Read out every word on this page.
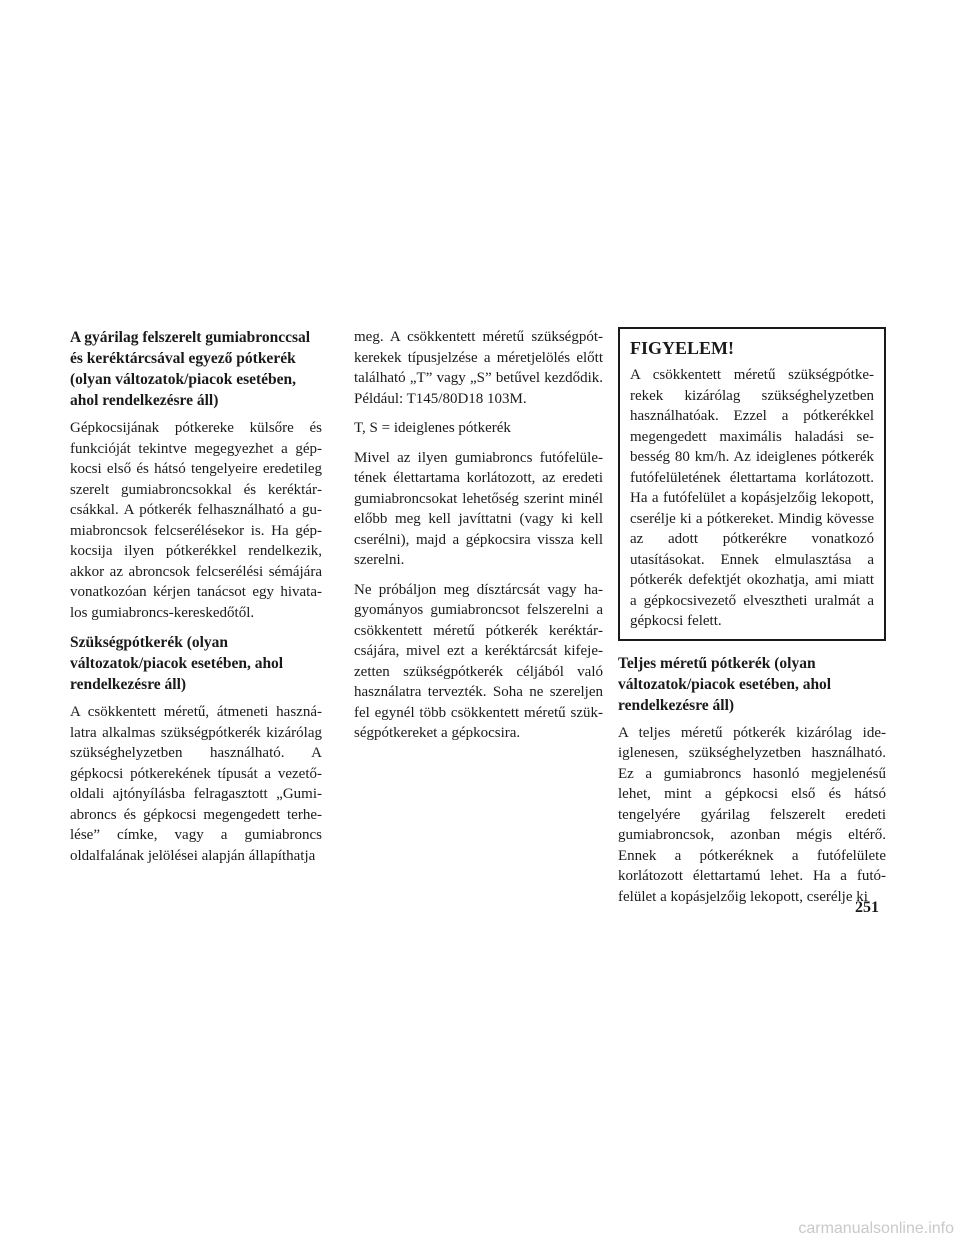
A gyárilag felszerelt gumiabroncсsal és keréktárcsával egyező pótkerék (olyan változatok/piacok esetében, ahol rendelkezésre áll)
Gépkocsijának pótkereke külsőre és funkcióját tekintve megegyezhet a gépkocsi első és hátsó tengelyeire eredetileg szerelt gumiabroncsokkal és keréktárcsákkal. A pótkerék felhasználható a gumiabroncsok felcserélésekor is. Ha gépkocsija ilyen pótkerékkel rendelkezik, akkor az abroncsok felcserélési sémájára vonatkozóan kérjen tanácsot egy hivatalos gumiabroncs-kereskedőtől.
Szükségpótkerék (olyan változatok/piacok esetében, ahol rendelkezésre áll)
A csökkentett méretű, átmeneti használatra alkalmas szükségpótkerék kizárólag szükséghelyzetben használható. A gépkocsi pótkerekének típusát a vezetőoldali ajtónyílásba felragasztott „Gumiabroncs és gépkocsi megengedett terhelése” címke, vagy a gumiabroncs oldalfalának jelölései alapján állapíthatja
meg. A csökkentett méretű szükségpótkerekek típusjelzése a méretjelölés előtt található „T” vagy „S” betűvel kezdődik. Például: T145/80D18 103M.
T, S = ideiglenes pótkerék
Mivel az ilyen gumiabroncs futófelületének élettartama korlátozott, az eredeti gumiabroncsokat lehetőség szerint minél előbb meg kell javíttatni (vagy ki kell cserélni), majd a gépkocsira vissza kell szerelni.
Ne próbáljon meg dísztárcsát vagy hagyományos gumiabroncsot felszerelni a csökkentett méretű pótkerék keréktárcsájára, mivel ezt a keréktárcsát kifejezetten szükségpótkerék céljából való használatra tervezték. Soha ne szereljen fel egynél több csökkentett méretű szükségpótkereket a gépkocsira.
FIGYELEM!
A csökkentett méretű szükségpótkerekek kizárólag szükséghelyzetben használhatóak. Ezzel a pótkerékkel megengedett maximális haladási sebesség 80 km/h. Az ideiglenes pótkerék futófelületének élettartama korlátozott. Ha a futófelület a kopásjelzőig lekopott, cserélje ki a pótkereket. Mindig kövesse az adott pótkerékre vonatkozó utasításokat. Ennek elmulasztása a pótkerék defektjét okozhatja, ami miatt a gépkocsivezető elvesztheti uralmát a gépkocsi felett.
Teljes méretű pótkerék (olyan változatok/piacok esetében, ahol rendelkezésre áll)
A teljes méretű pótkerék kizárólag ideiglenesen, szükséghelyzetben használható. Ez a gumiabroncs hasonló megjelenésű lehet, mint a gépkocsi első és hátsó tengelyére gyárilag felszerelt eredeti gumiabroncsok, azonban mégis eltérő. Ennek a pótkeréknek a futófelülete korlátozott élettartamú lehet. Ha a futófelület a kopásjelzőig lekopott, cserélje ki
251
carmanualsonline.info
